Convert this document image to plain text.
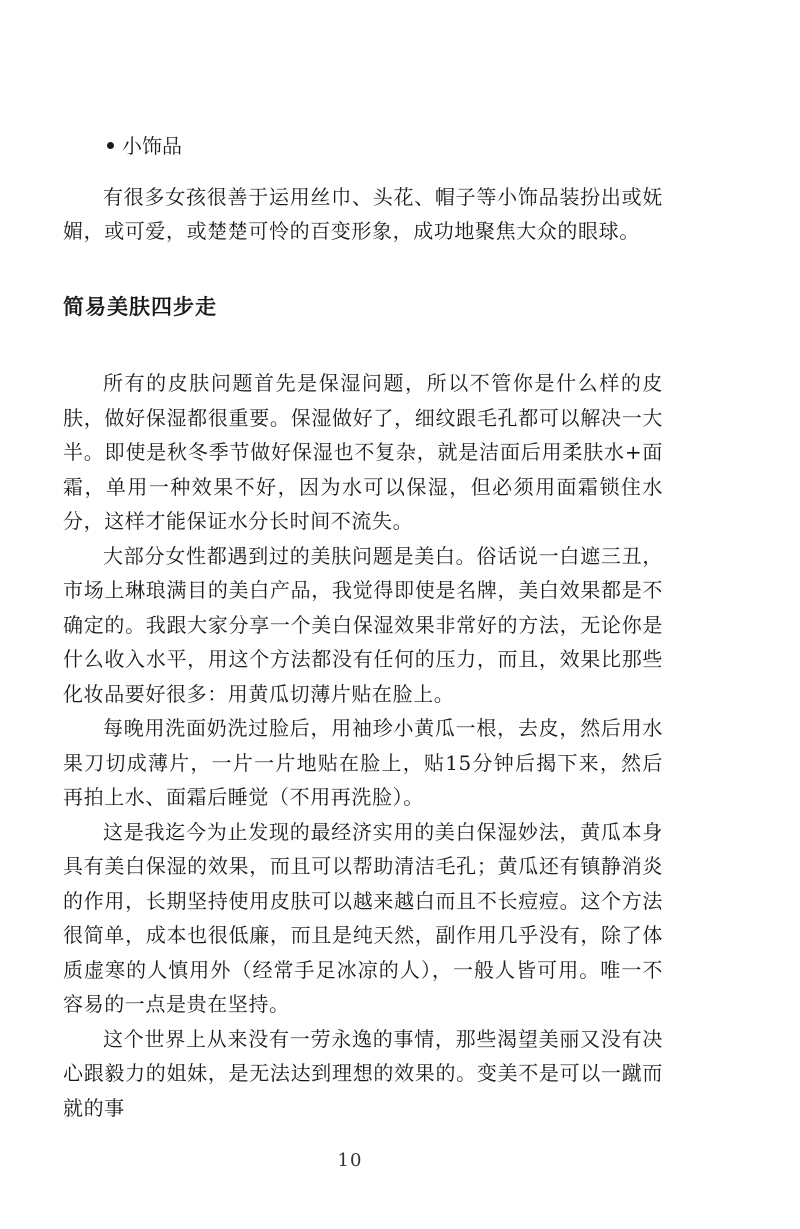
小饰品

有很多女孩很善于运用丝巾、头花、帽子等小饰品装扮出或妩媚，或可爱，或楚楚可怜的百变形象，成功地聚焦大众的眼球。

简易美肤四步走

所有的皮肤问题首先是保湿问题，所以不管你是什么样的皮肤，做好保湿都很重要。保湿做好了，细纹跟毛孔都可以解决一大半。即使是秋冬季节做好保湿也不复杂，就是洁面后用柔肤水+面霜，单用一种效果不好，因为水可以保湿，但必须用面霜锁住水分，这样才能保证水分长时间不流失。

大部分女性都遇到过的美肤问题是美白。俗话说一白遮三丑，市场上琳琅满目的美白产品，我觉得即使是名牌，美白效果都是不确定的。我跟大家分享一个美白保湿效果非常好的方法，无论你是什么收入水平，用这个方法都没有任何的压力，而且，效果比那些化妆品要好很多：用黄瓜切薄片贴在脸上。

每晚用洗面奶洗过脸后，用袖珍小黄瓜一根，去皮，然后用水果刀切成薄片，一片一片地贴在脸上，贴15分钟后揭下来，然后再拍上水、面霜后睡觉（不用再洗脸）。

这是我迄今为止发现的最经济实用的美白保湿妙法，黄瓜本身具有美白保湿的效果，而且可以帮助清洁毛孔；黄瓜还有镇静消炎的作用，长期坚持使用皮肤可以越来越白而且不长痘痘。这个方法很简单，成本也很低廉，而且是纯天然，副作用几乎没有，除了体质虚寒的人慎用外（经常手足冰凉的人），一般人皆可用。唯一不容易的一点是贵在坚持。

这个世界上从来没有一劳永逸的事情，那些渴望美丽又没有决心跟毅力的姐妹，是无法达到理想的效果的。变美不是可以一蹴而就的事

10
